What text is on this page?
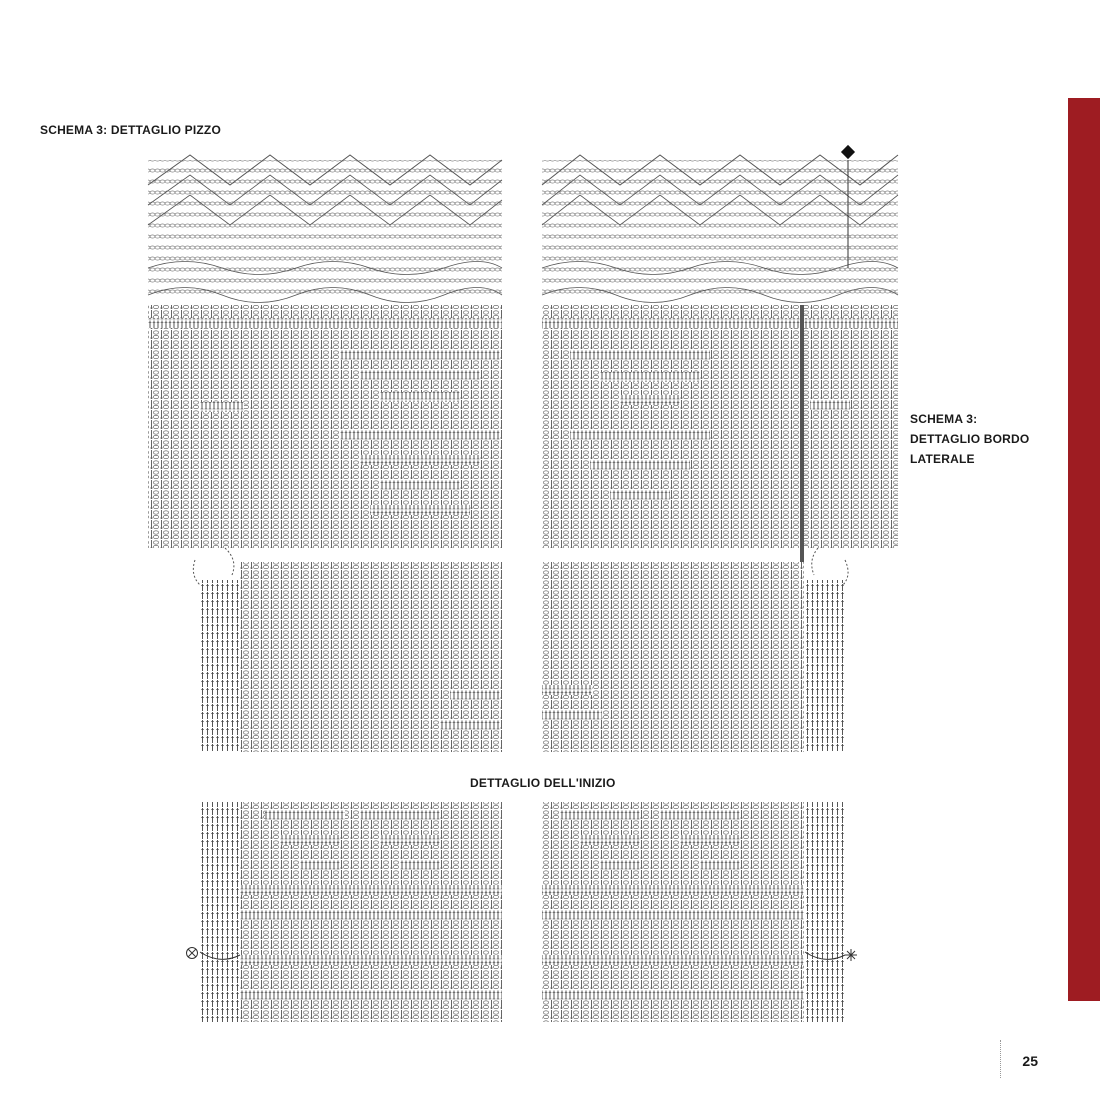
SCHEMA 3: DETTAGLIO PIZZO
SCHEMA 3:
DETTAGLIO BORDO
LATERALE
DETTAGLIO DELL'INIZIO
25
